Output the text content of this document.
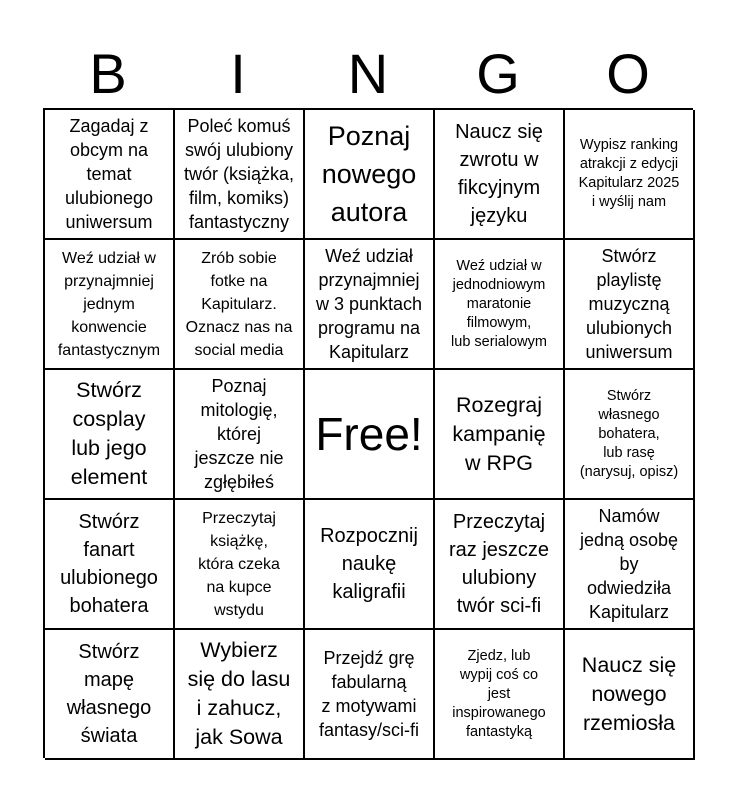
B	I	N	G	O
Zagadaj z
obcym na
temat
ulubionego
uniwersum
Poleć komuś
swój ulubiony
twór (książka,
film, komiks)
fantastyczny
Poznaj
nowego
autora
Naucz się
zwrotu w
fikcyjnym
języku
Wypisz ranking
atrakcji z edycji
Kapitularz 2025
i wyślij nam
Weź udział w
przynajmniej
jednym
konwencie
fantastycznym
Zrób sobie
fotke na
Kapitularz.
Oznacz nas na
social media
Weź udział
przynajmniej
w 3 punktach
programu na
Kapitularz
Weź udział w
jednodniowym
maratonie
filmowym,
lub serialowym
Stwórz
playlistę
muzyczną
ulubionych
uniwersum
Stwórz
cosplay
lub jego
element
Poznaj
mitologię,
której
jeszcze nie
zgłębiłeś
Free!
Rozegraj
kampanię
w RPG
Stwórz
własnego
bohatera,
lub rasę
(narysuj, opisz)
Stwórz
fanart
ulubionego
bohatera
Przeczytaj
książkę,
która czeka
na kupce
wstydu
Rozpocznij
naukę
kaligrafii
Przeczytaj
raz jeszcze
ulubiony
twór sci-fi
Namów
jedną osobę
by
odwiedziła
Kapitularz
Stwórz
mapę
własnego
świata
Wybierz
się do lasu
i zahucz,
jak Sowa
Przejdź grę
fabularną
z motywami
fantasy/sci-fi
Zjedz, lub
wypij coś co
jest
inspirowanego
fantastyką
Naucz się
nowego
rzemiosła
